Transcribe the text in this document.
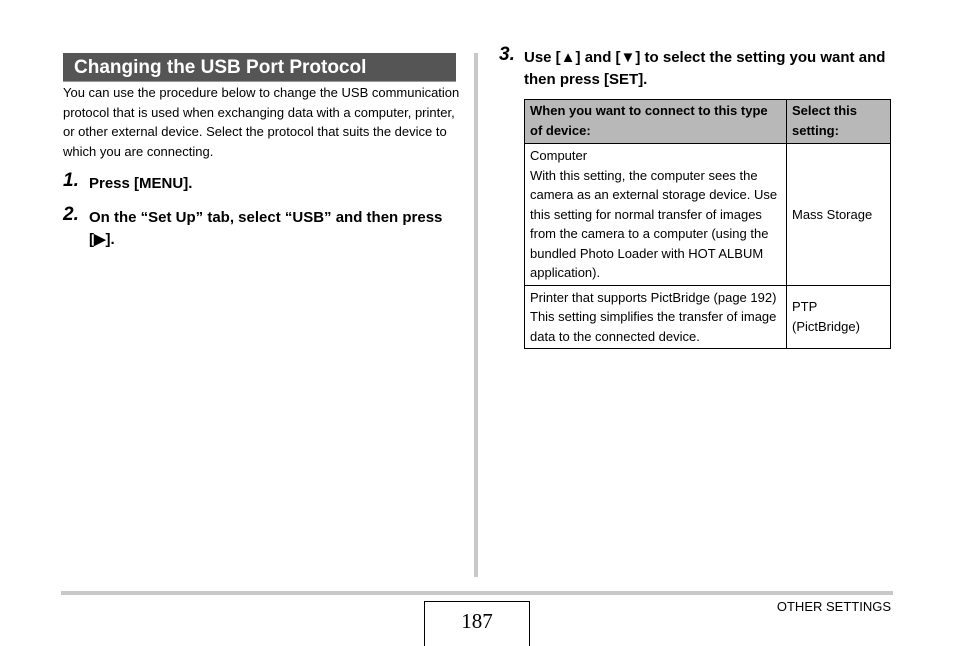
Changing the USB Port Protocol

You can use the procedure below to change the USB communication protocol that is used when exchanging data with a computer, printer, or other external device. Select the protocol that suits the device to which you are connecting.

1. Press [MENU].
2. On the “Set Up” tab, select “USB” and then press [▶].
3. Use [▲] and [▼] to select the setting you want and then press [SET].
When you want to connect to this type of device:	Select this setting:

Computer
With this setting, the computer sees the camera as an external storage device. Use this setting for normal transfer of images from the camera to a computer (using the bundled Photo Loader with HOT ALBUM application).	Mass Storage

Printer that supports PictBridge (page 192)
This setting simplifies the transfer of image data to the connected device.	PTP
(PictBridge)
187
OTHER SETTINGS
